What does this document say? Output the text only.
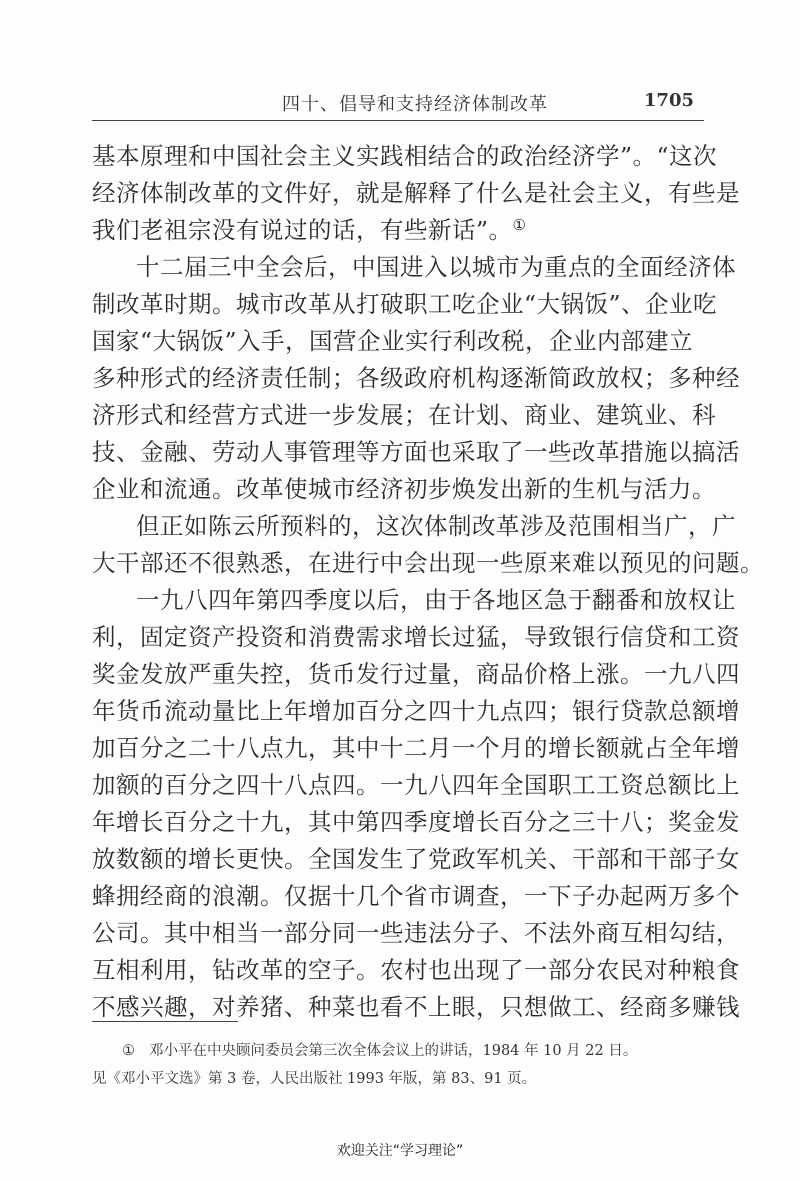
四十、倡导和支持经济体制改革	1705
基本原理和中国社会主义实践相结合的政治经济学”。“这次
经济体制改革的文件好，就是解释了什么是社会主义，有些是
我们老祖宗没有说过的话，有些新话”。①
十二届三中全会后，中国进入以城市为重点的全面经济体
制改革时期。城市改革从打破职工吃企业“大锅饭”、企业吃
国家“大锅饭”入手，国营企业实行利改税，企业内部建立
多种形式的经济责任制；各级政府机构逐渐简政放权；多种经
济形式和经营方式进一步发展；在计划、商业、建筑业、科
技、金融、劳动人事管理等方面也采取了一些改革措施以搞活
企业和流通。改革使城市经济初步焕发出新的生机与活力。
但正如陈云所预料的，这次体制改革涉及范围相当广，广
大干部还不很熟悉，在进行中会出现一些原来难以预见的问题。
一九八四年第四季度以后，由于各地区急于翻番和放权让
利，固定资产投资和消费需求增长过猛，导致银行信贷和工资
奖金发放严重失控，货币发行过量，商品价格上涨。一九八四
年货币流动量比上年增加百分之四十九点四；银行贷款总额增
加百分之二十八点九，其中十二月一个月的增长额就占全年增
加额的百分之四十八点四。一九八四年全国职工工资总额比上
年增长百分之十九，其中第四季度增长百分之三十八；奖金发
放数额的增长更快。全国发生了党政军机关、干部和干部子女
蜂拥经商的浪潮。仅据十几个省市调查，一下子办起两万多个
公司。其中相当一部分同一些违法分子、不法外商互相勾结，
互相利用，钻改革的空子。农村也出现了一部分农民对种粮食
不感兴趣，对养猪、种菜也看不上眼，只想做工、经商多赚钱
① 邓小平在中央顾问委员会第三次全体会议上的讲话，1984 年 10 月 22 日。
见《邓小平文选》第 3 卷，人民出版社 1993 年版，第 83、91 页。
欢迎关注“学习理论”
